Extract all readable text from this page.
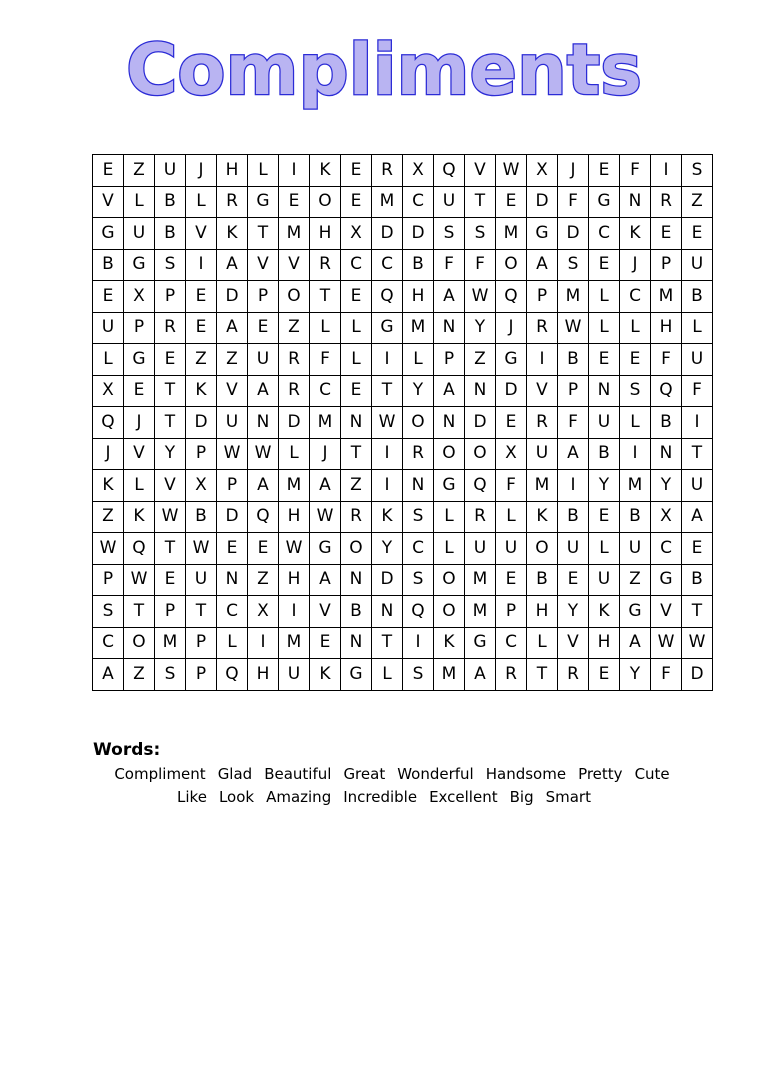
Compliments
E	Z	U	J	H	L	I	K	E	R	X	Q	V	W	X	J	E	F	I	S
V	L	B	L	R	G	E	O	E	M	C	U	T	E	D	F	G	N	R	Z
G	U	B	V	K	T	M	H	X	D	D	S	S	M	G	D	C	K	E	E
B	G	S	I	A	V	V	R	C	C	B	F	F	O	A	S	E	J	P	U
E	X	P	E	D	P	O	T	E	Q	H	A	W	Q	P	M	L	C	M	B
U	P	R	E	A	E	Z	L	L	G	M	N	Y	J	R	W	L	L	H	L
L	G	E	Z	Z	U	R	F	L	I	L	P	Z	G	I	B	E	E	F	U
X	E	T	K	V	A	R	C	E	T	Y	A	N	D	V	P	N	S	Q	F
Q	J	T	D	U	N	D	M	N	W	O	N	D	E	R	F	U	L	B	I
J	V	Y	P	W	W	L	J	T	I	R	O	O	X	U	A	B	I	N	T
K	L	V	X	P	A	M	A	Z	I	N	G	Q	F	M	I	Y	M	Y	U
Z	K	W	B	D	Q	H	W	R	K	S	L	R	L	K	B	E	B	X	A
W	Q	T	W	E	E	W	G	O	Y	C	L	U	U	O	U	L	U	C	E
P	W	E	U	N	Z	H	A	N	D	S	O	M	E	B	E	U	Z	G	B
S	T	P	T	C	X	I	V	B	N	Q	O	M	P	H	Y	K	G	V	T
C	O	M	P	L	I	M	E	N	T	I	K	G	C	L	V	H	A	W	W
A	Z	S	P	Q	H	U	K	G	L	S	M	A	R	T	R	E	Y	F	D
Words:
Compliment Glad Beautiful Great Wonderful Handsome Pretty Cute
Like Look Amazing Incredible Excellent Big Smart
